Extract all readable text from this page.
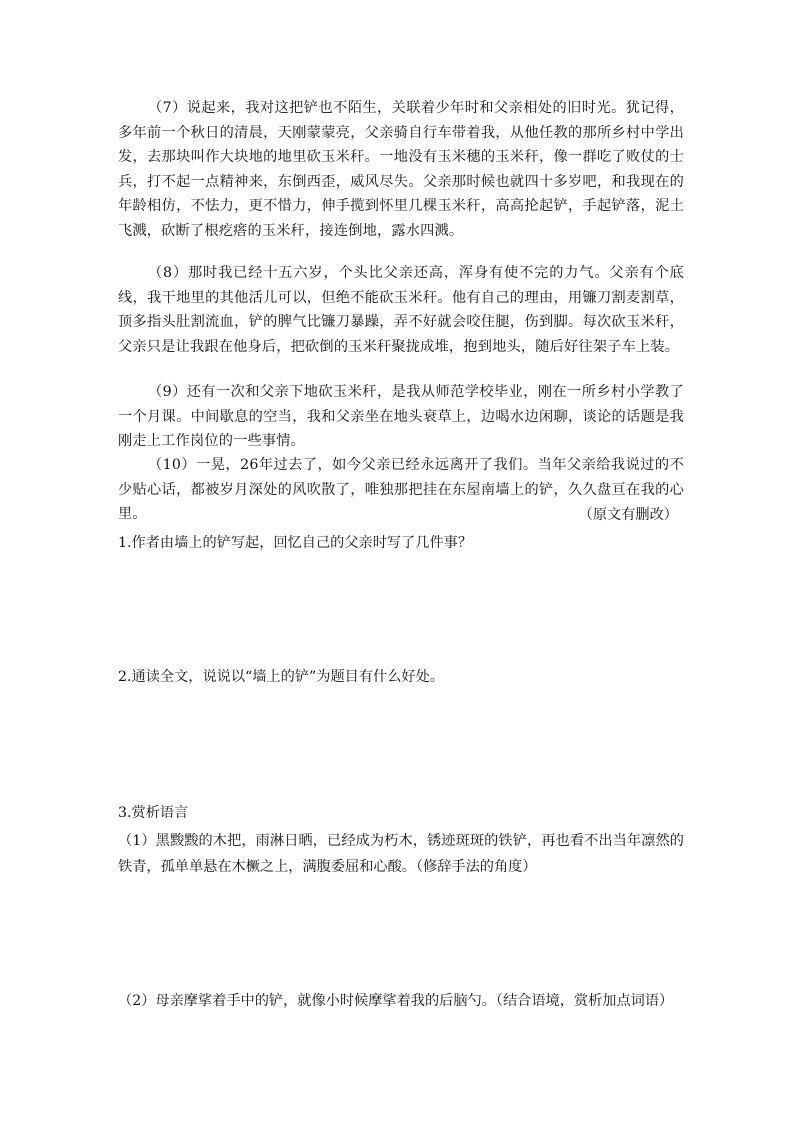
（7）说起来，我对这把铲也不陌生，关联着少年时和父亲相处的旧时光。犹记得，多年前一个秋日的清晨，天刚蒙蒙亮，父亲骑自行车带着我，从他任教的那所乡村中学出发，去那块叫作大块地的地里砍玉米秆。一地没有玉米穗的玉米秆，像一群吃了败仗的士兵，打不起一点精神来，东倒西歪，威风尽失。父亲那时候也就四十多岁吧，和我现在的年龄相仿，不怯力，更不惜力，伸手揽到怀里几棵玉米秆，高高抡起铲，手起铲落，泥土飞溅，砍断了根疙瘩的玉米秆，接连倒地，露水四溅。

（8）那时我已经十五六岁，个头比父亲还高，浑身有使不完的力气。父亲有个底线，我干地里的其他活儿可以，但绝不能砍玉米秆。他有自己的理由，用镰刀割麦割草，顶多指头肚割流血，铲的脾气比镰刀暴躁，弄不好就会咬住腿，伤到脚。每次砍玉米秆，父亲只是让我跟在他身后，把砍倒的玉米秆聚拢成堆，抱到地头，随后好往架子车上装。

（9）还有一次和父亲下地砍玉米秆，是我从师范学校毕业，刚在一所乡村小学教了一个月课。中间歇息的空当，我和父亲坐在地头衰草上，边喝水边闲聊，谈论的话题是我刚走上工作岗位的一些事情。

（10）一晃，26年过去了，如今父亲已经永远离开了我们。当年父亲给我说过的不少贴心话，都被岁月深处的风吹散了，唯独那把挂在东屋南墙上的铲，久久盘亘在我的心里。	（原文有删改）

1.作者由墙上的铲写起，回忆自己的父亲时写了几件事？

2.通读全文，说说以“墙上的铲”为题目有什么好处。

3.赏析语言

（1）黑黢黢的木把，雨淋日晒，已经成为朽木，锈迹斑斑的铁铲，再也看不出当年凛然的铁青，孤单单悬在木橛之上，满腹委屈和心酸。（修辞手法的角度）

（2）母亲摩挲着手中的铲，就像小时候摩挲着我的后脑勺。（结合语境，赏析加点词语）
